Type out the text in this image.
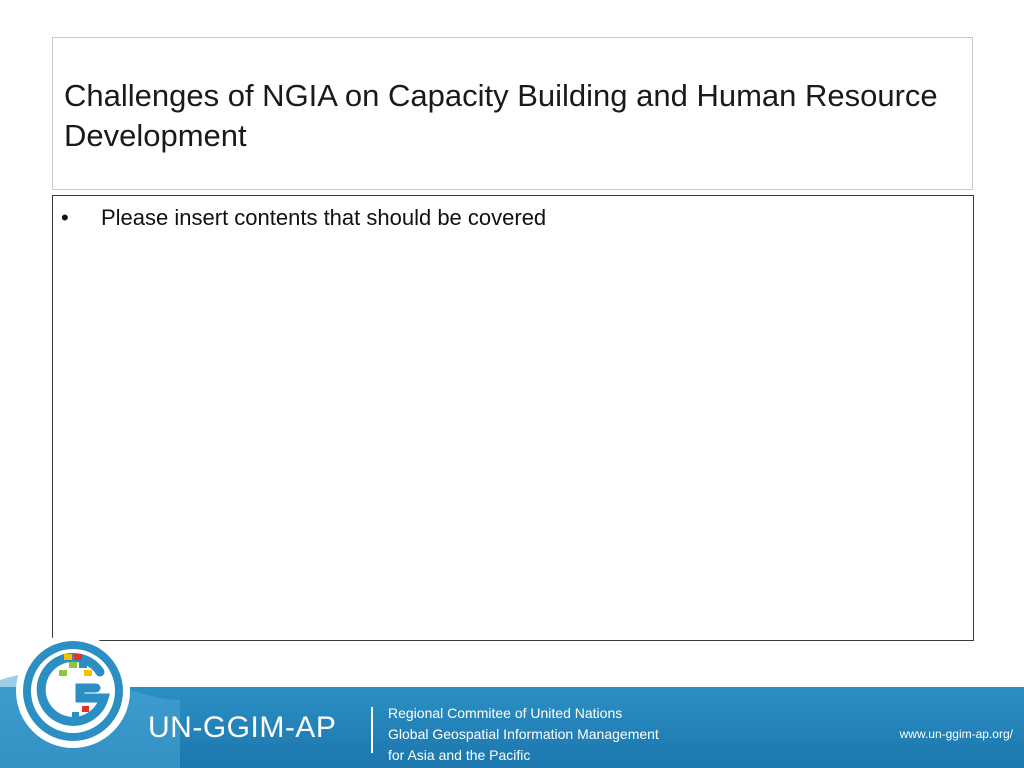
Challenges of NGIA on Capacity Building and Human Resource Development
•	Please insert contents that should be covered
UN-GGIM-AP	Regional Commitee of United Nations
Global Geospatial Information Management
for Asia and the Pacific
www.un-ggim-ap.org/
